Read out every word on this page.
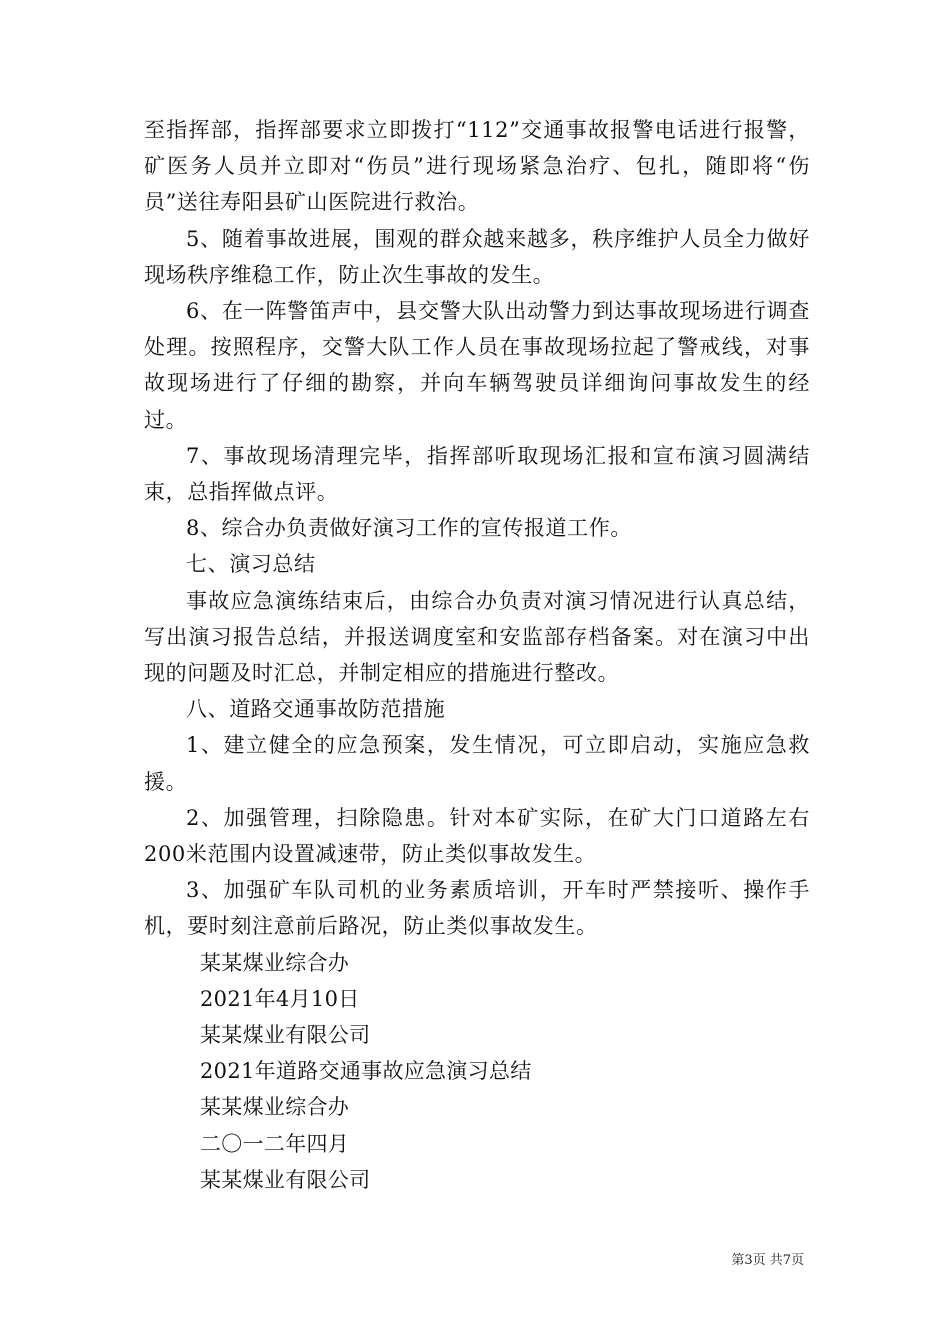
至指挥部，指挥部要求立即拨打“112”交通事故报警电话进行报警，矿医务人员并立即对“伤员”进行现场紧急治疗、包扎，随即将“伤员”送往寿阳县矿山医院进行救治。

5、随着事故进展，围观的群众越来越多，秩序维护人员全力做好现场秩序维稳工作，防止次生事故的发生。

6、在一阵警笛声中，县交警大队出动警力到达事故现场进行调查处理。按照程序，交警大队工作人员在事故现场拉起了警戒线，对事故现场进行了仔细的勘察，并向车辆驾驶员详细询问事故发生的经过。

7、事故现场清理完毕，指挥部听取现场汇报和宣布演习圆满结束，总指挥做点评。

8、综合办负责做好演习工作的宣传报道工作。

七、演习总结

事故应急演练结束后，由综合办负责对演习情况进行认真总结，写出演习报告总结，并报送调度室和安监部存档备案。对在演习中出现的问题及时汇总，并制定相应的措施进行整改。

八、道路交通事故防范措施

1、建立健全的应急预案，发生情况，可立即启动，实施应急救援。

2、加强管理，扫除隐患。针对本矿实际，在矿大门口道路左右200米范围内设置减速带，防止类似事故发生。

3、加强矿车队司机的业务素质培训，开车时严禁接听、操作手机，要时刻注意前后路况，防止类似事故发生。

某某煤业综合办

2021年4月10日

某某煤业有限公司

2021年道路交通事故应急演习总结

某某煤业综合办

二〇一二年四月

某某煤业有限公司

第3页 共7页
